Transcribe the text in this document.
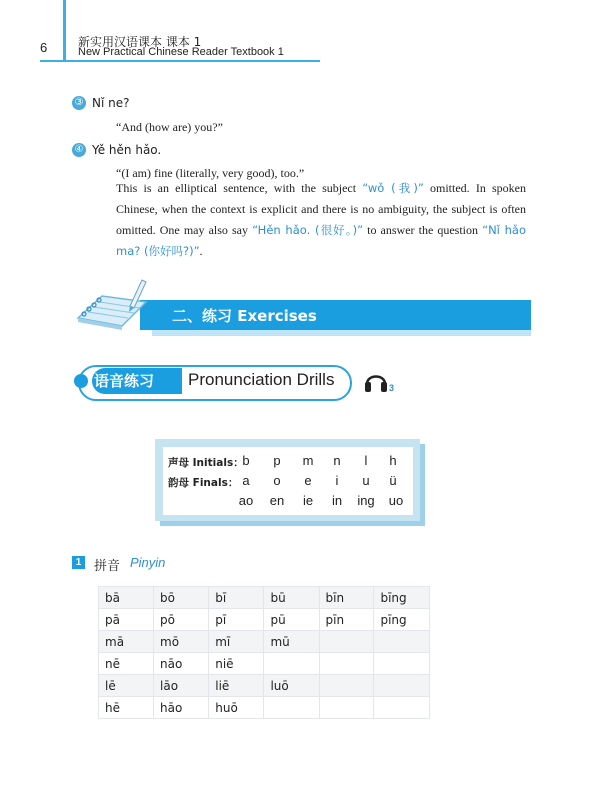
6	新实用汉语课本 课本 1
New Practical Chinese Reader Textbook 1
③ Nǐ ne?
“And (how are) you?”
④ Yě hěn hǎo.
“(I am) fine (literally, very good), too.”
This is an elliptical sentence, with the subject “wǒ (我)” omitted. In spoken Chinese, when the context is explicit and there is no ambiguity, the subject is often omitted. One may also say “Hěn hǎo. (很好。)” to answer the question “Nǐ hǎo ma? (你好吗?)”.
二、练习 Exercises
语音练习 Pronunciation Drills	3
声母 Initials：
b	p	m	n	l	h
韵母 Finals： a	o	e	i	u	ü
ao	en	ie	in	ing	uo
1 拼音 Pinyin
bā	bō	bī	bū	bīn	bīng
pā	pō	pī	pū	pīn	pīng
mā	mō	mī	mū		
nē	nāo	niē			
lē	lāo	liē	luō		
hē	hāo	huō			
